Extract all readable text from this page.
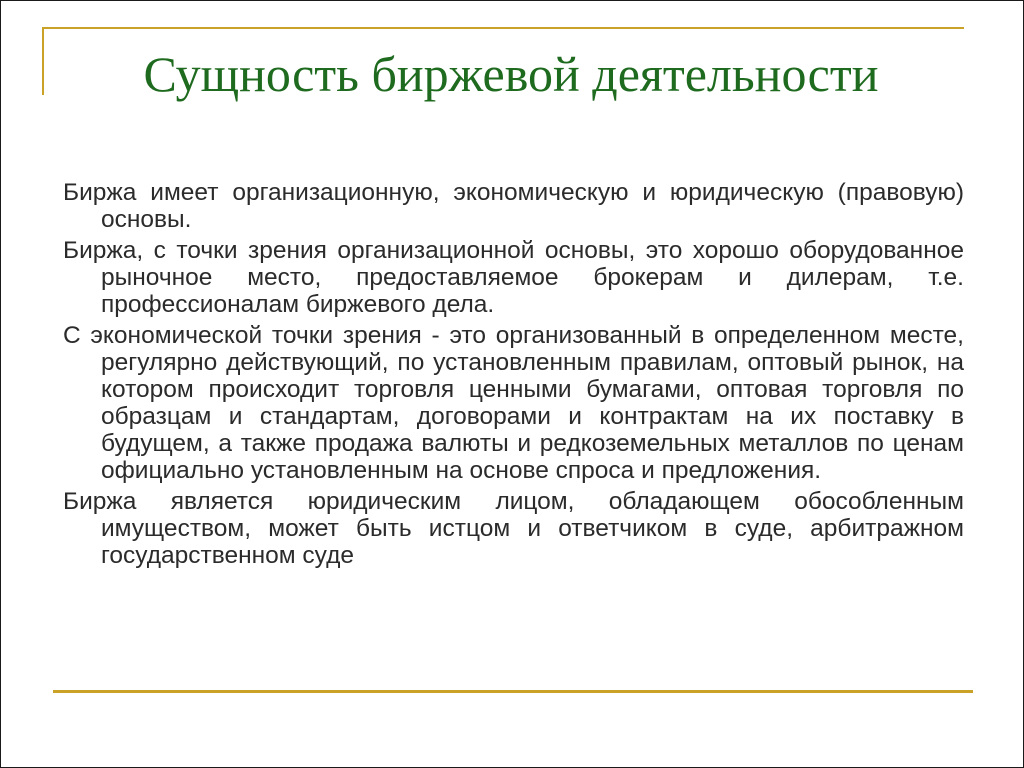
Сущность биржевой деятельности

Биржа имеет организационную, экономическую и юридическую (правовую) основы.

Биржа, с точки зрения организационной основы, это хорошо оборудованное рыночное место, предоставляемое брокерам и дилерам, т.е. профессионалам биржевого дела.

С экономической точки зрения - это организованный в определенном месте, регулярно действующий, по установленным правилам, оптовый рынок, на котором происходит торговля ценными бумагами, оптовая торговля по образцам и стандартам, договорами и контрактам на их поставку в будущем, а также продажа валюты и редкоземельных металлов по ценам официально установленным на основе спроса и предложения.

Биржа является юридическим лицом, обладающем обособленным имуществом, может быть истцом и ответчиком в суде, арбитражном государственном суде
